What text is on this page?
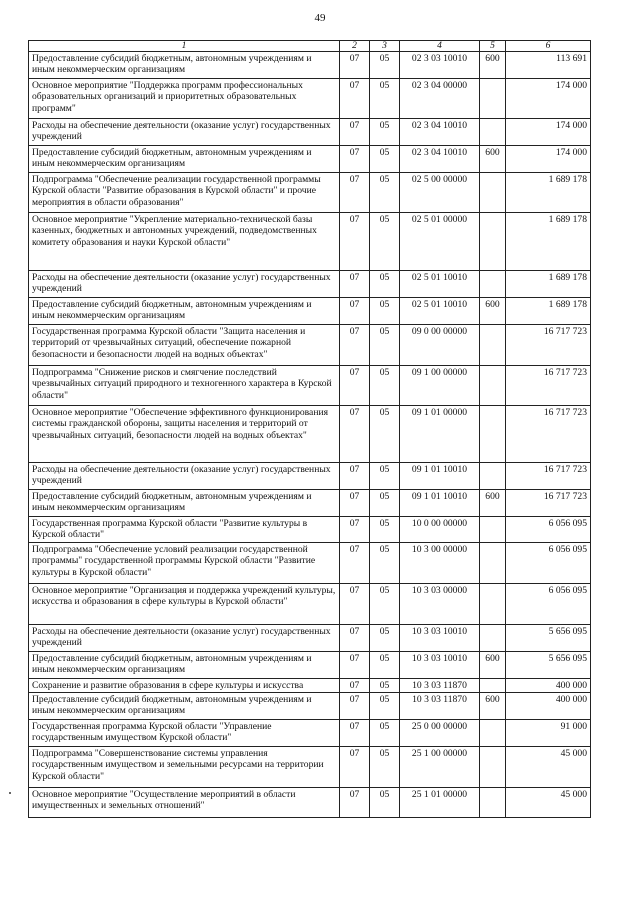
49
1	2	3	4	5	6
Предоставление субсидий бюджетным, автономным учреждениям и иным некоммерческим организациям	07	05	02 3 03 10010	600	113 691
Основное мероприятие "Поддержка программ профессиональных образовательных организаций и приоритетных образовательных программ"	07	05	02 3 04 00000		174 000
Расходы на обеспечение деятельности (оказание услуг) государственных учреждений	07	05	02 3 04 10010		174 000
Предоставление субсидий бюджетным, автономным учреждениям и иным некоммерческим организациям	07	05	02 3 04 10010	600	174 000
Подпрограмма "Обеспечение реализации государственной программы Курской области "Развитие образования в Курской области" и прочие мероприятия в области образования"	07	05	02 5 00 00000		1 689 178
Основное мероприятие "Укрепление материально-технической базы казенных, бюджетных и автономных учреждений, подведомственных комитету образования и науки Курской области"	07	05	02 5 01 00000		1 689 178
Расходы на обеспечение деятельности (оказание услуг) государственных учреждений	07	05	02 5 01 10010		1 689 178
Предоставление субсидий бюджетным, автономным учреждениям и иным некоммерческим организациям	07	05	02 5 01 10010	600	1 689 178
Государственная программа Курской области "Защита населения и территорий от чрезвычайных ситуаций, обеспечение пожарной безопасности и безопасности людей на водных объектах"	07	05	09 0 00 00000		16 717 723
Подпрограмма "Снижение рисков и смягчение последствий чрезвычайных ситуаций природного и техногенного характера в Курской области"	07	05	09 1 00 00000		16 717 723
Основное мероприятие "Обеспечение эффективного функционирования системы гражданской обороны, защиты населения и территорий от чрезвычайных ситуаций, безопасности людей на водных объектах"	07	05	09 1 01 00000		16 717 723
Расходы на обеспечение деятельности (оказание услуг) государственных учреждений	07	05	09 1 01 10010		16 717 723
Предоставление субсидий бюджетным, автономным учреждениям и иным некоммерческим организациям	07	05	09 1 01 10010	600	16 717 723
Государственная программа Курской области "Развитие культуры в Курской области"	07	05	10 0 00 00000		6 056 095
Подпрограмма "Обеспечение условий реализации государственной программы" государственной программы Курской области "Развитие культуры в Курской области"	07	05	10 3 00 00000		6 056 095
Основное мероприятие "Организация и поддержка учреждений культуры, искусства и образования в сфере культуры в Курской области"	07	05	10 3 03 00000		6 056 095
Расходы на обеспечение деятельности (оказание услуг) государственных учреждений	07	05	10 3 03 10010		5 656 095
Предоставление субсидий бюджетным, автономным учреждениям и иным некоммерческим организациям	07	05	10 3 03 10010	600	5 656 095
Сохранение и развитие образования в сфере культуры и искусства	07	05	10 3 03 11870		400 000
Предоставление субсидий бюджетным, автономным учреждениям и иным некоммерческим организациям	07	05	10 3 03 11870	600	400 000
Государственная программа Курской области "Управление государственным имуществом Курской области"	07	05	25 0 00 00000		91 000
Подпрограмма "Совершенствование системы управления государственным имуществом и земельными ресурсами на территории Курской области"	07	05	25 1 00 00000		45 000
Основное мероприятие "Осуществление мероприятий в области имущественных и земельных отношений"	07	05	25 1 01 00000		45 000
